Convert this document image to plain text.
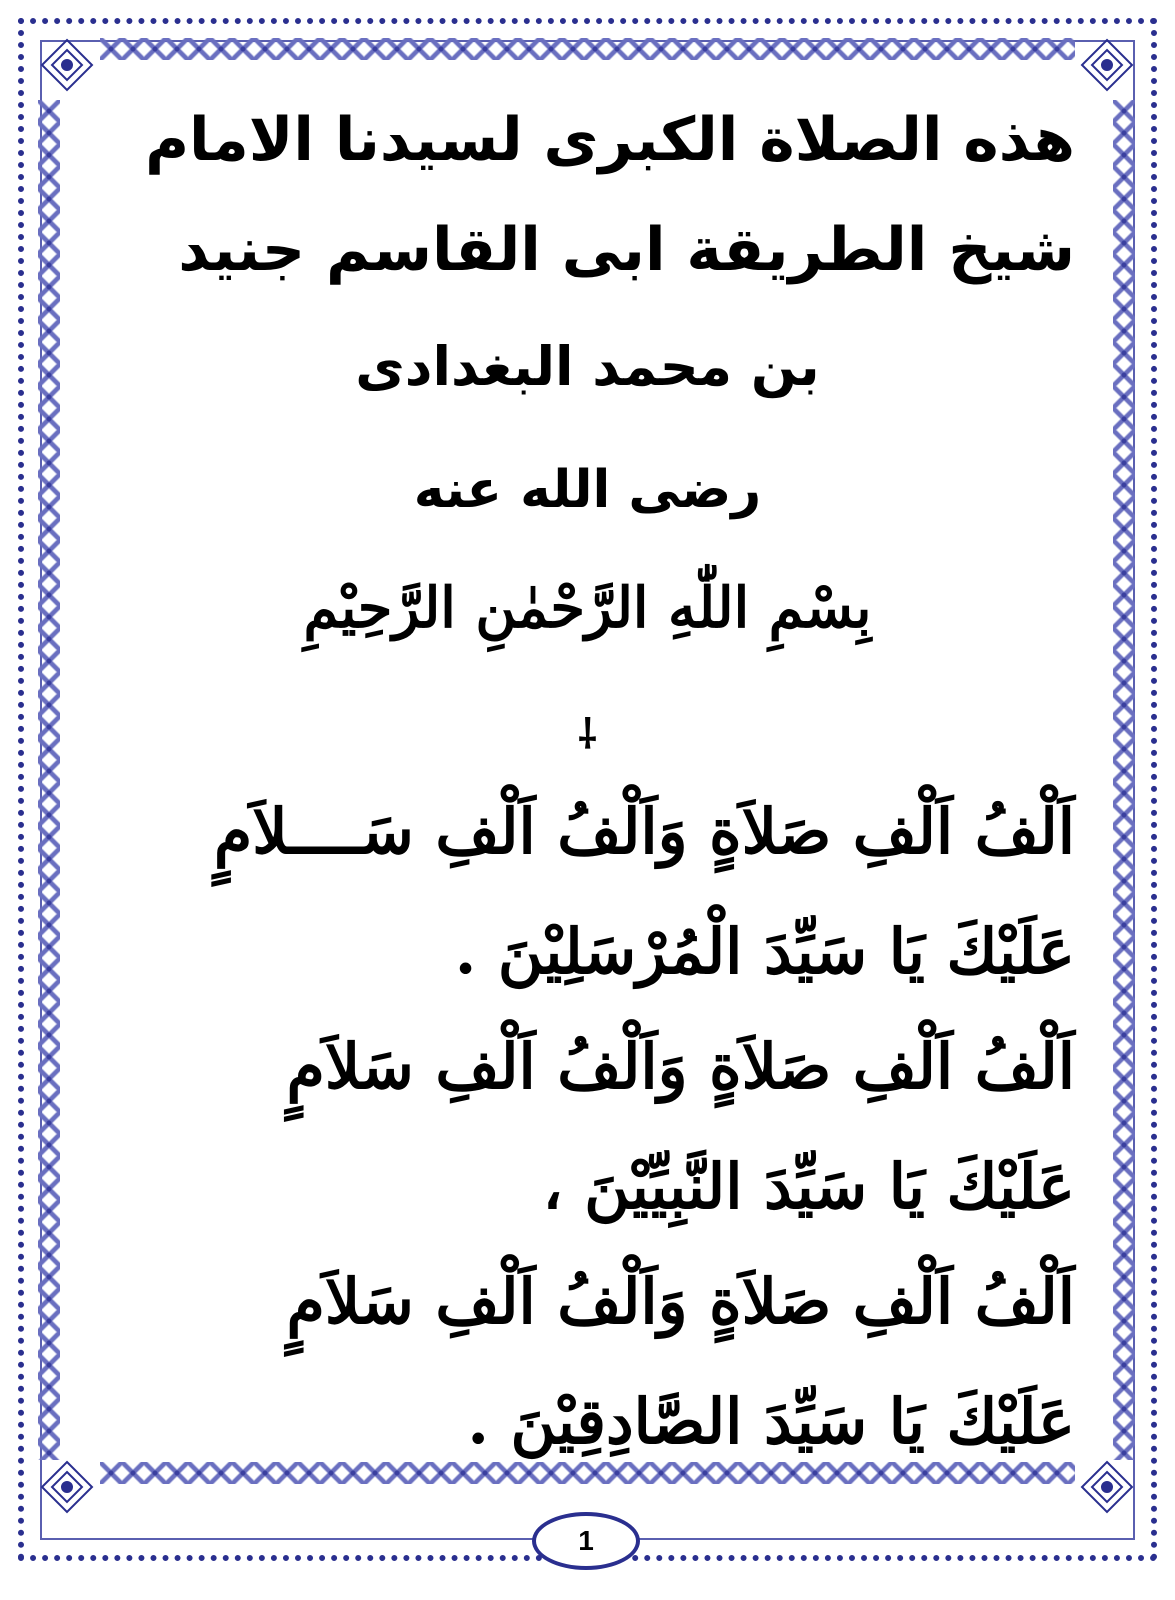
هذه الصلاة الكبرى لسيدنا الامام
شيخ الطريقة ابى القاسم جنيد
بن محمد البغدادى
رضى الله عنه
بِسْمِ اللّٰهِ الرَّحْمٰنِ الرَّحِيْمِ
⸸
اَلْفُ اَلْفِ صَلاَةٍ وَاَلْفُ اَلْفِ سَــــلاَمٍ
عَلَيْكَ يَا سَيِّدَ الْمُرْسَلِيْنَ .
اَلْفُ اَلْفِ صَلاَةٍ وَاَلْفُ اَلْفِ سَلاَمٍ
عَلَيْكَ يَا سَيِّدَ النَّبِيِّيْنَ ،
اَلْفُ اَلْفِ صَلاَةٍ وَاَلْفُ اَلْفِ سَلاَمٍ
عَلَيْكَ يَا سَيِّدَ الصَّادِقِيْنَ .
1
